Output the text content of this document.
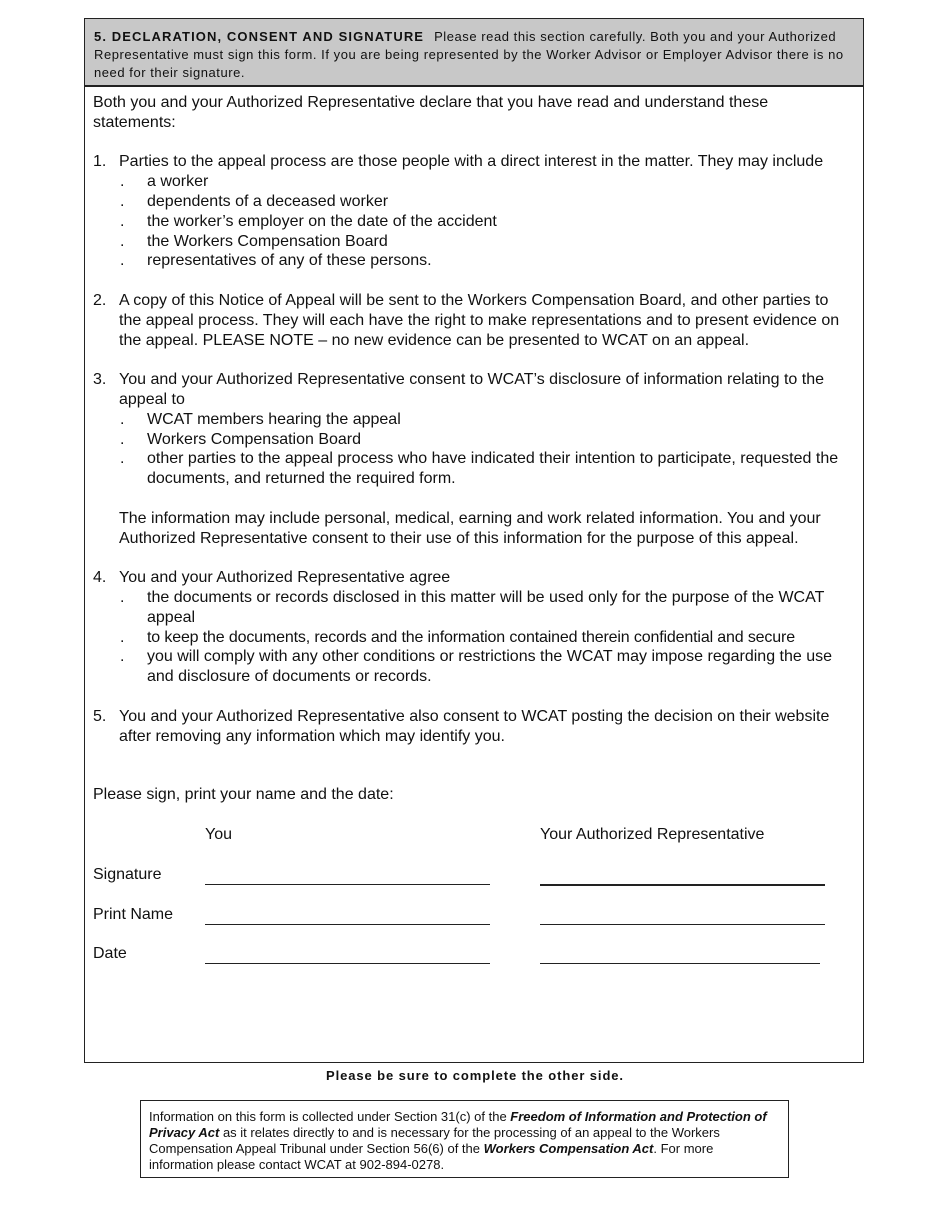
5. DECLARATION, CONSENT AND SIGNATURE Please read this section carefully. Both you and your Authorized Representative must sign this form. If you are being represented by the Worker Advisor or Employer Advisor there is no need for their signature.
Both you and your Authorized Representative declare that you have read and understand these statements:
1. Parties to the appeal process are those people with a direct interest in the matter. They may include
. a worker
. dependents of a deceased worker
. the worker’s employer on the date of the accident
. the Workers Compensation Board
. representatives of any of these persons.
2. A copy of this Notice of Appeal will be sent to the Workers Compensation Board, and other parties to the appeal process. They will each have the right to make representations and to present evidence on the appeal. PLEASE NOTE – no new evidence can be presented to WCAT on an appeal.
3. You and your Authorized Representative consent to WCAT’s disclosure of information relating to the appeal to
. WCAT members hearing the appeal
. Workers Compensation Board
. other parties to the appeal process who have indicated their intention to participate, requested the documents, and returned the required form.
The information may include personal, medical, earning and work related information. You and your Authorized Representative consent to their use of this information for the purpose of this appeal.
4. You and your Authorized Representative agree
. the documents or records disclosed in this matter will be used only for the purpose of the WCAT appeal
. to keep the documents, records and the information contained therein confidential and secure
. you will comply with any other conditions or restrictions the WCAT may impose regarding the use and disclosure of documents or records.
5. You and your Authorized Representative also consent to WCAT posting the decision on their website after removing any information which may identify you.
Please sign, print your name and the date:
You	Your Authorized Representative
Signature
Print Name
Date
Please be sure to complete the other side.
Information on this form is collected under Section 31(c) of the Freedom of Information and Protection of Privacy Act as it relates directly to and is necessary for the processing of an appeal to the Workers Compensation Appeal Tribunal under Section 56(6) of the Workers Compensation Act. For more information please contact WCAT at 902-894-0278.
